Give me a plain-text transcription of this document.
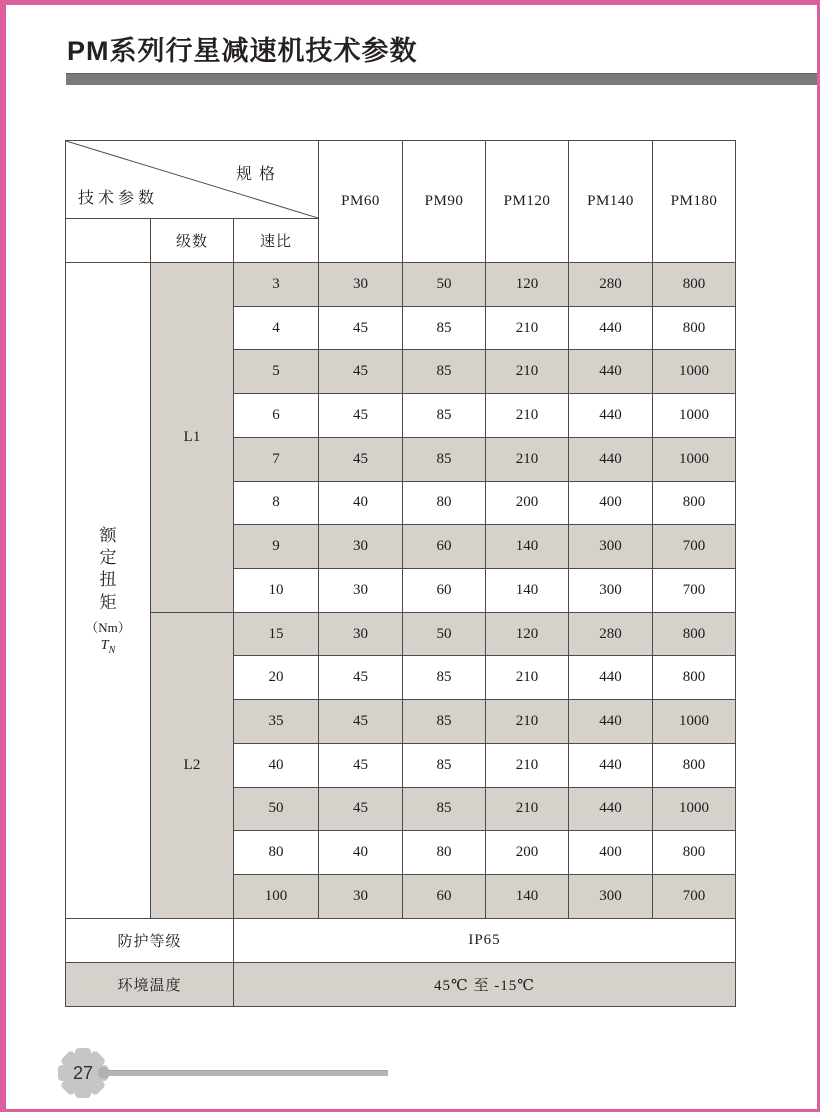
PM系列行星减速机技术参数
规格
技术参数			PM60	PM90	PM120	PM140	PM180
	级数	速比					

额
定
扭
矩
（Nm）
$T_N$
	L1	3	30	50	120	280	800
		4	45	85	210	440	800
		5	45	85	210	440	1000
		6	45	85	210	440	1000
		7	45	85	210	440	1000
		8	40	80	200	400	800
		9	30	60	140	300	700
		10	30	60	140	300	700
	L2	15	30	50	120	280	800
		20	45	85	210	440	800
		35	45	85	210	440	1000
		40	45	85	210	440	800
		50	45	85	210	440	1000
		80	40	80	200	400	800
		100	30	60	140	300	700
防护等级		IP65					
环境温度		45℃ 至 -15℃					
27
